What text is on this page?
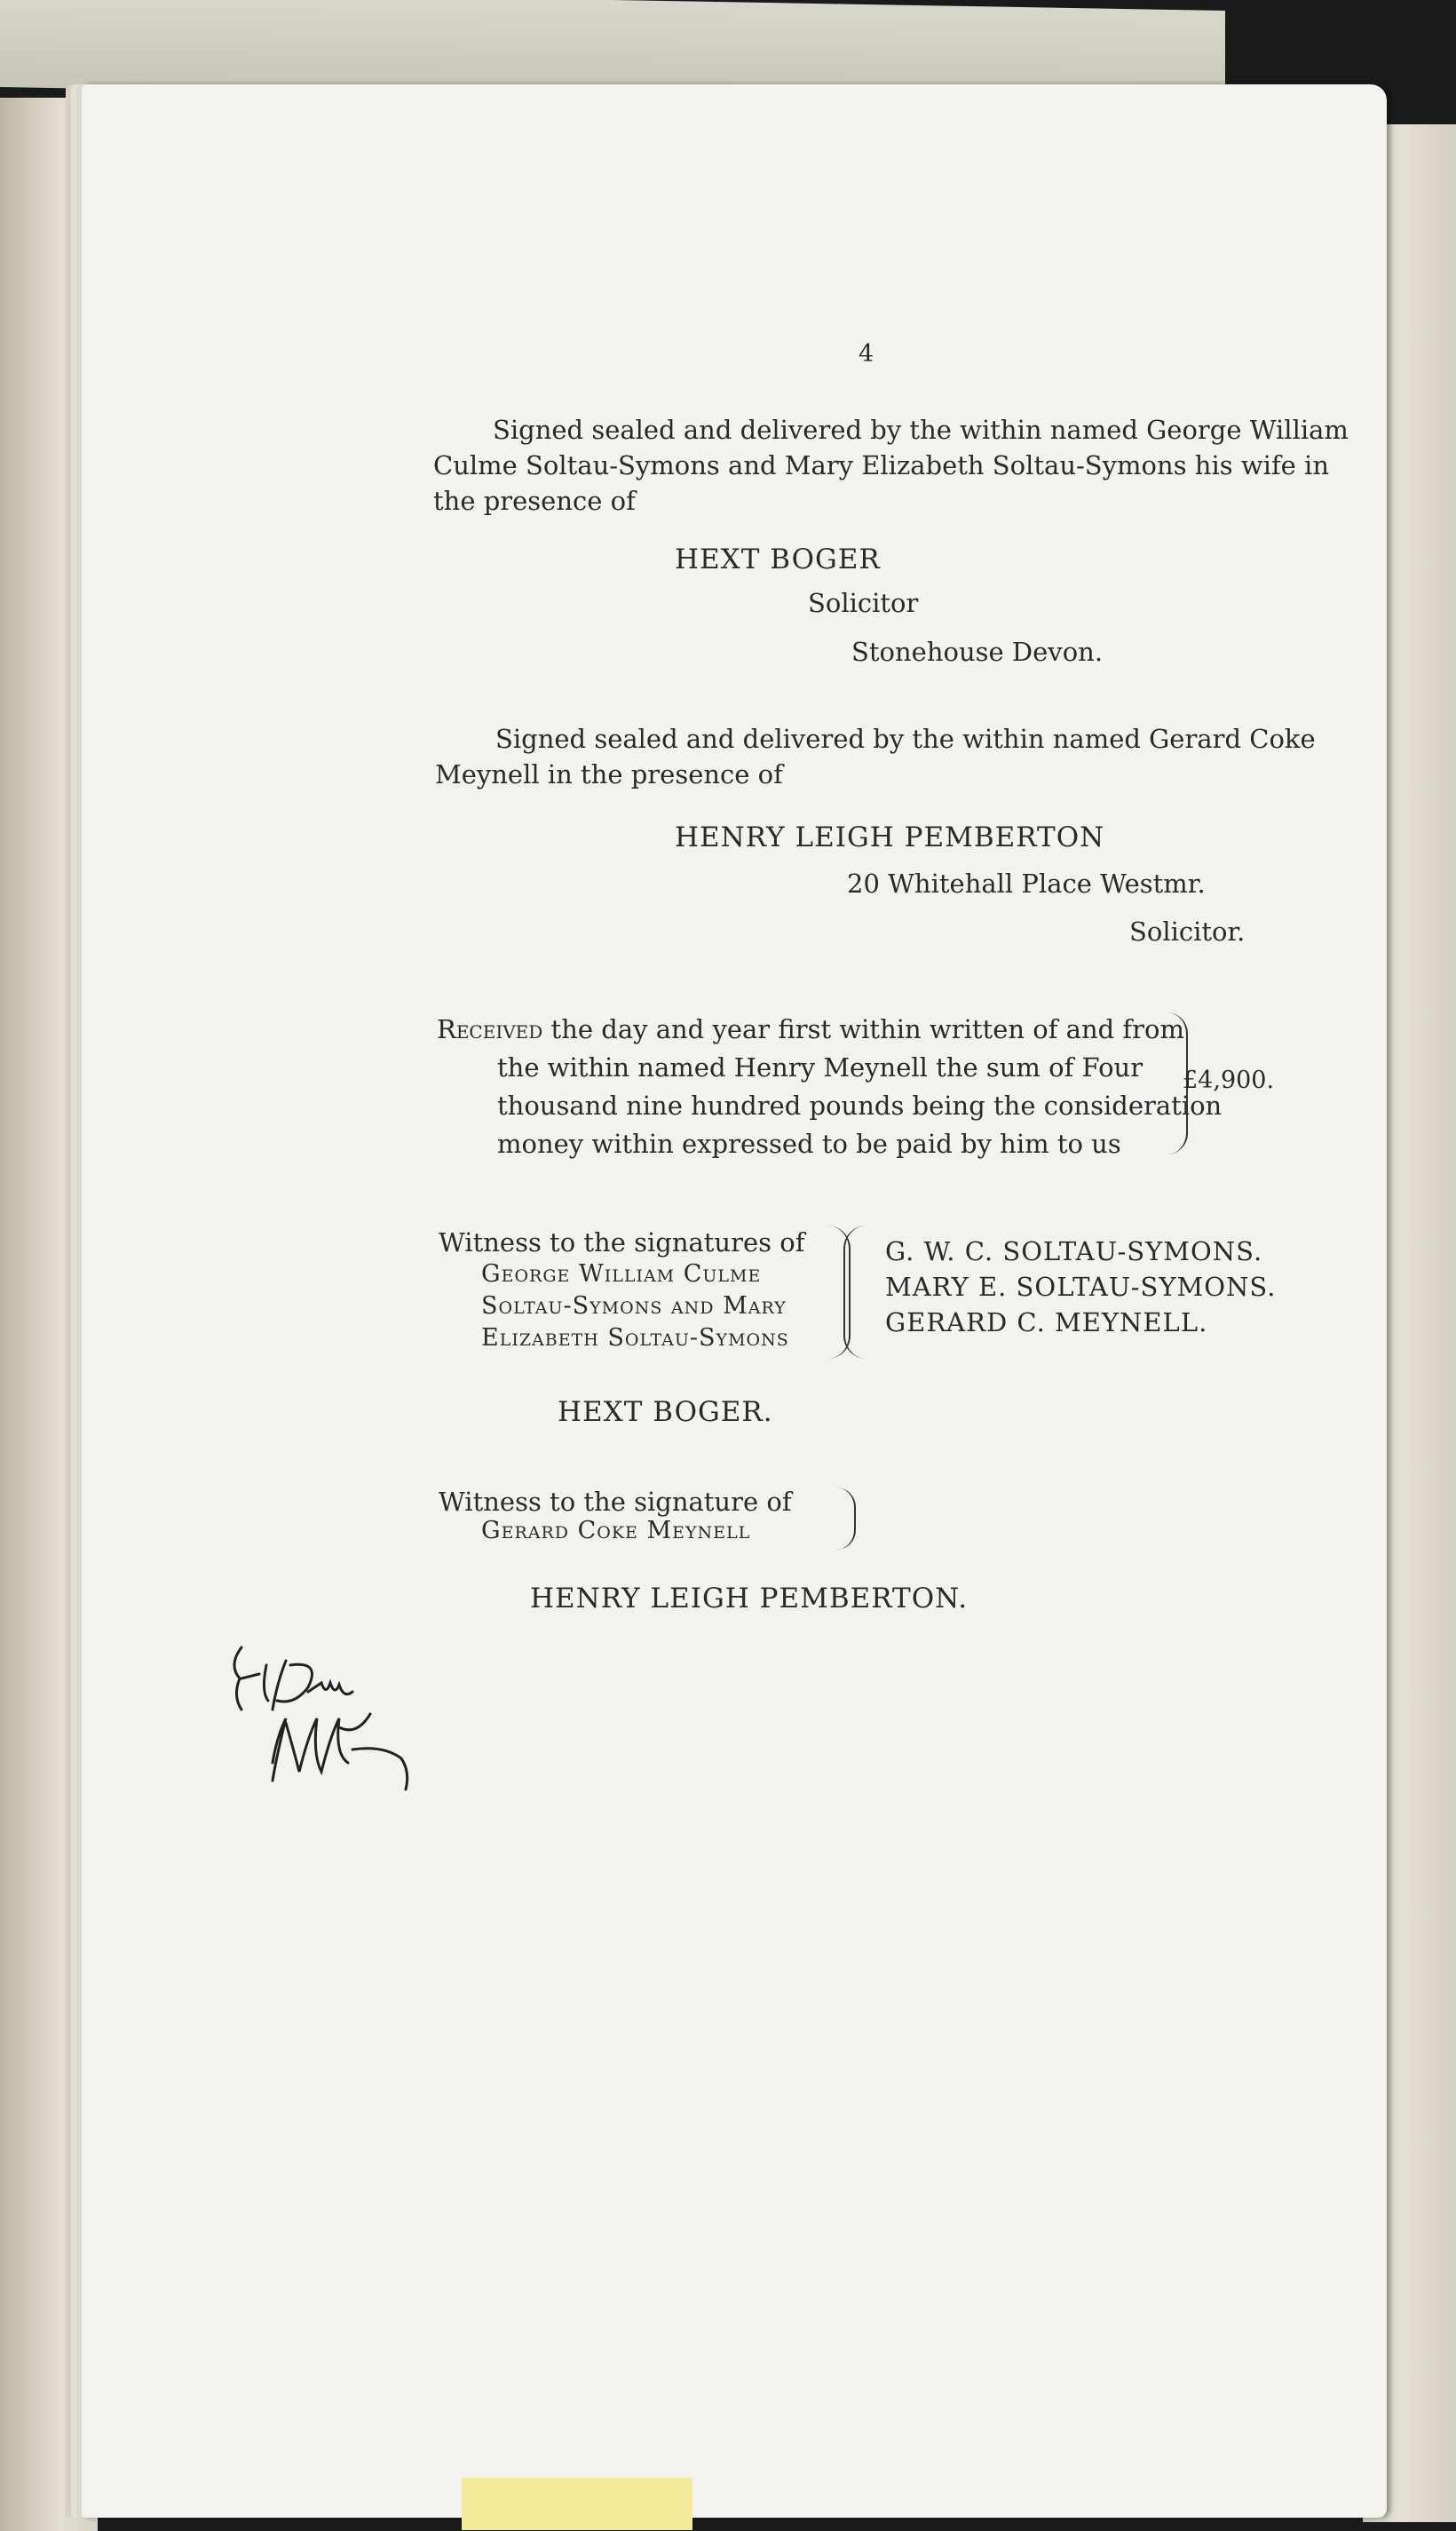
4
Signed sealed and delivered by the within named George William
Culme Soltau-Symons and Mary Elizabeth Soltau-Symons his wife in
the presence of
HEXT BOGER
Solicitor
Stonehouse Devon.
Signed sealed and delivered by the within named Gerard Coke
Meynell in the presence of
HENRY LEIGH PEMBERTON
20 Whitehall Place Westmr.
Solicitor.
Received the day and year first within written of and from
the within named Henry Meynell the sum of Four
thousand nine hundred pounds being the consideration
money within expressed to be paid by him to us
£4,900.
Witness to the signatures of
George William Culme
Soltau-Symons and Mary
Elizabeth Soltau-Symons
G. W. C. SOLTAU-SYMONS.
MARY E. SOLTAU-SYMONS.
GERARD C. MEYNELL.
HEXT BOGER.
Witness to the signature of
Gerard Coke Meynell
HENRY LEIGH PEMBERTON.
